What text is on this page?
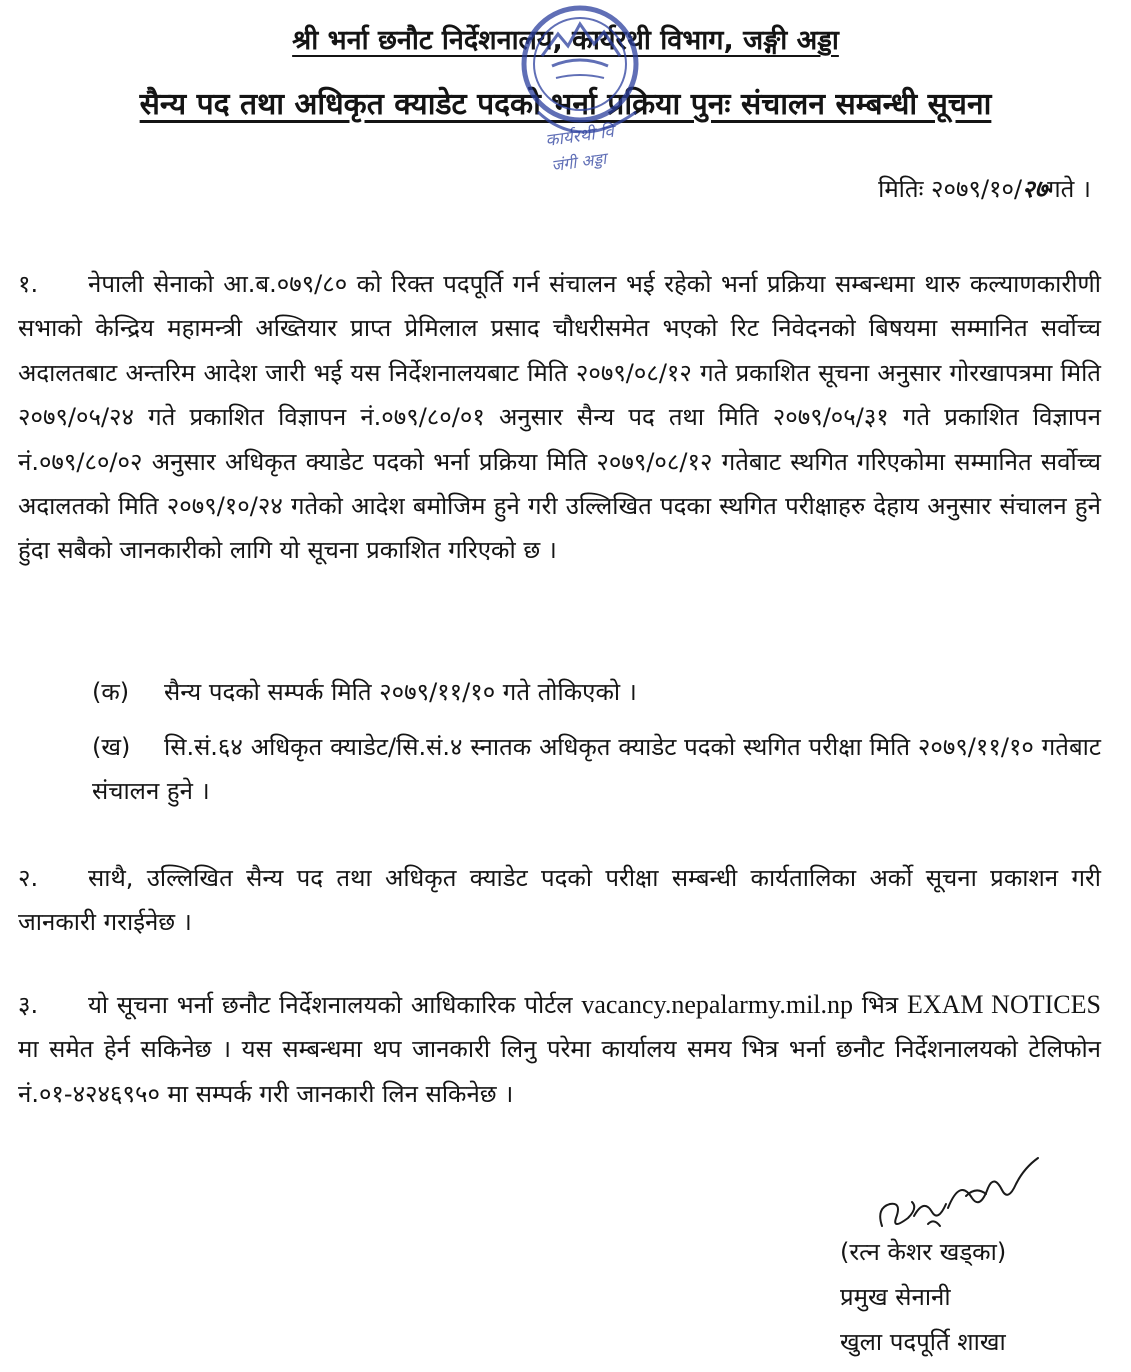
श्री भर्ना छनौट निर्देशनालय, कार्यरथी विभाग, जङ्गी अड्डा
सैन्य पद तथा अधिकृत क्याडेट पदको भर्ना प्रक्रिया पुनः संचालन सम्बन्धी सूचना
कार्यरथी वि
जंगी अड्डा
मितिः २०७९/१०/२७गते ।

१. नेपाली सेनाको आ.ब.०७९/८० को रिक्त पदपूर्ति गर्न संचालन भई रहेको भर्ना प्रक्रिया सम्बन्धमा थारु कल्याणकारीणी सभाको केन्द्रिय महामन्त्री अख्तियार प्राप्त प्रेमिलाल प्रसाद चौधरीसमेत भएको रिट निवेदनको बिषयमा सम्मानित सर्वोच्च अदालतबाट अन्तरिम आदेश जारी भई यस निर्देशनालयबाट मिति २०७९/०८/१२ गते प्रकाशित सूचना अनुसार गोरखापत्रमा मिति २०७९/०५/२४ गते प्रकाशित विज्ञापन नं.०७९/८०/०१ अनुसार सैन्य पद तथा मिति २०७९/०५/३१ गते प्रकाशित विज्ञापन नं.०७९/८०/०२ अनुसार अधिकृत क्याडेट पदको भर्ना प्रक्रिया मिति २०७९/०८/१२ गतेबाट स्थगित गरिएकोमा सम्मानित सर्वोच्च अदालतको मिति २०७९/१०/२४ गतेको आदेश बमोजिम हुने गरी उल्लिखित पदका स्थगित परीक्षाहरु देहाय अनुसार संचालन हुने हुंदा सबैको जानकारीको लागि यो सूचना प्रकाशित गरिएको छ ।

(क) सैन्य पदको सम्पर्क मिति २०७९/११/१० गते तोकिएको ।

(ख) सि.सं.६४ अधिकृत क्याडेट/सि.सं.४ स्नातक अधिकृत क्याडेट पदको स्थगित परीक्षा मिति २०७९/११/१० गतेबाट संचालन हुने ।

२. साथै, उल्लिखित सैन्य पद तथा अधिकृत क्याडेट पदको परीक्षा सम्बन्धी कार्यतालिका अर्को सूचना प्रकाशन गरी जानकारी गराईनेछ ।

३. यो सूचना भर्ना छनौट निर्देशनालयको आधिकारिक पोर्टल vacancy.nepalarmy.mil.np भित्र EXAM NOTICES मा समेत हेर्न सकिनेछ । यस सम्बन्धमा थप जानकारी लिनु परेमा कार्यालय समय भित्र भर्ना छनौट निर्देशनालयको टेलिफोन नं.०१-४२४६९५० मा सम्पर्क गरी जानकारी लिन सकिनेछ ।

(रत्न केशर खड्का)
प्रमुख सेनानी
खुला पदपूर्ति शाखा
